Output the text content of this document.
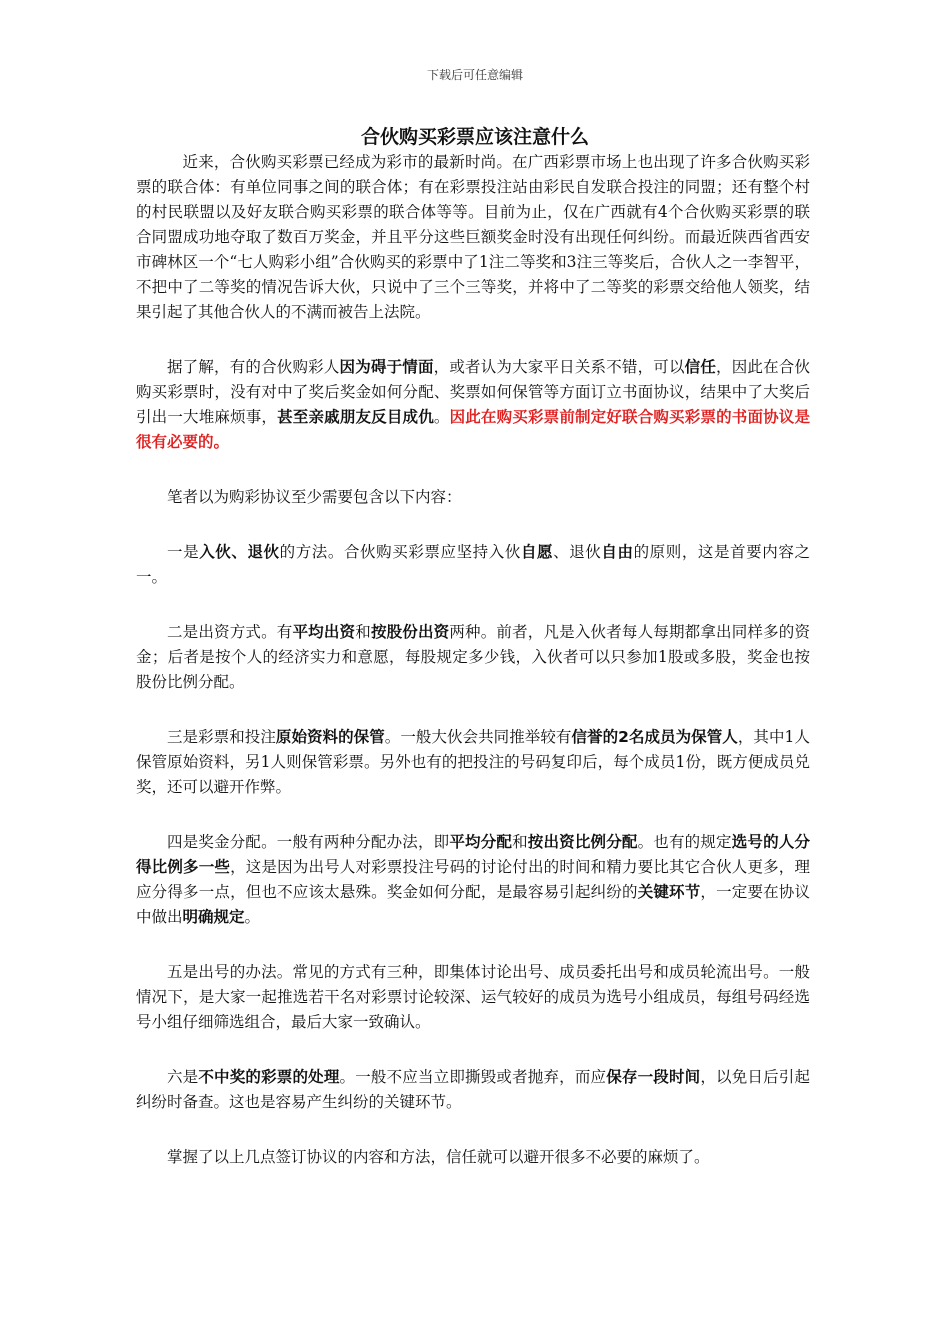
下载后可任意编辑
合伙购买彩票应该注意什么

近来，合伙购买彩票已经成为彩市的最新时尚。在广西彩票市场上也出现了许多合伙购买彩票的联合体：有单位同事之间的联合体；有在彩票投注站由彩民自发联合投注的同盟；还有整个村的村民联盟以及好友联合购买彩票的联合体等等。目前为止，仅在广西就有4个合伙购买彩票的联合同盟成功地夺取了数百万奖金，并且平分这些巨额奖金时没有出现任何纠纷。而最近陕西省西安市碑林区一个“七人购彩小组”合伙购买的彩票中了1注二等奖和3注三等奖后，合伙人之一李智平，不把中了二等奖的情况告诉大伙，只说中了三个三等奖，并将中了二等奖的彩票交给他人领奖，结果引起了其他合伙人的不满而被告上法院。

据了解，有的合伙购彩人因为碍于情面，或者认为大家平日关系不错，可以信任，因此在合伙购买彩票时，没有对中了奖后奖金如何分配、奖票如何保管等方面订立书面协议，结果中了大奖后引出一大堆麻烦事，甚至亲戚朋友反目成仇。因此在购买彩票前制定好联合购买彩票的书面协议是很有必要的。

笔者以为购彩协议至少需要包含以下内容：

一是入伙、退伙的方法。合伙购买彩票应坚持入伙自愿、退伙自由的原则，这是首要内容之一。

二是出资方式。有平均出资和按股份出资两种。前者，凡是入伙者每人每期都拿出同样多的资金；后者是按个人的经济实力和意愿，每股规定多少钱，入伙者可以只参加1股或多股，奖金也按股份比例分配。

三是彩票和投注原始资料的保管。一般大伙会共同推举较有信誉的2名成员为保管人，其中1人保管原始资料，另1人则保管彩票。另外也有的把投注的号码复印后，每个成员1份，既方便成员兑奖，还可以避开作弊。

四是奖金分配。一般有两种分配办法，即平均分配和按出资比例分配。也有的规定选号的人分得比例多一些，这是因为出号人对彩票投注号码的讨论付出的时间和精力要比其它合伙人更多，理应分得多一点，但也不应该太悬殊。奖金如何分配，是最容易引起纠纷的关键环节，一定要在协议中做出明确规定。

五是出号的办法。常见的方式有三种，即集体讨论出号、成员委托出号和成员轮流出号。一般情况下，是大家一起推选若干名对彩票讨论较深、运气较好的成员为选号小组成员，每组号码经选号小组仔细筛选组合，最后大家一致确认。

六是不中奖的彩票的处理。一般不应当立即撕毁或者抛弃，而应保存一段时间，以免日后引起纠纷时备查。这也是容易产生纠纷的关键环节。

掌握了以上几点签订协议的内容和方法，信任就可以避开很多不必要的麻烦了。
